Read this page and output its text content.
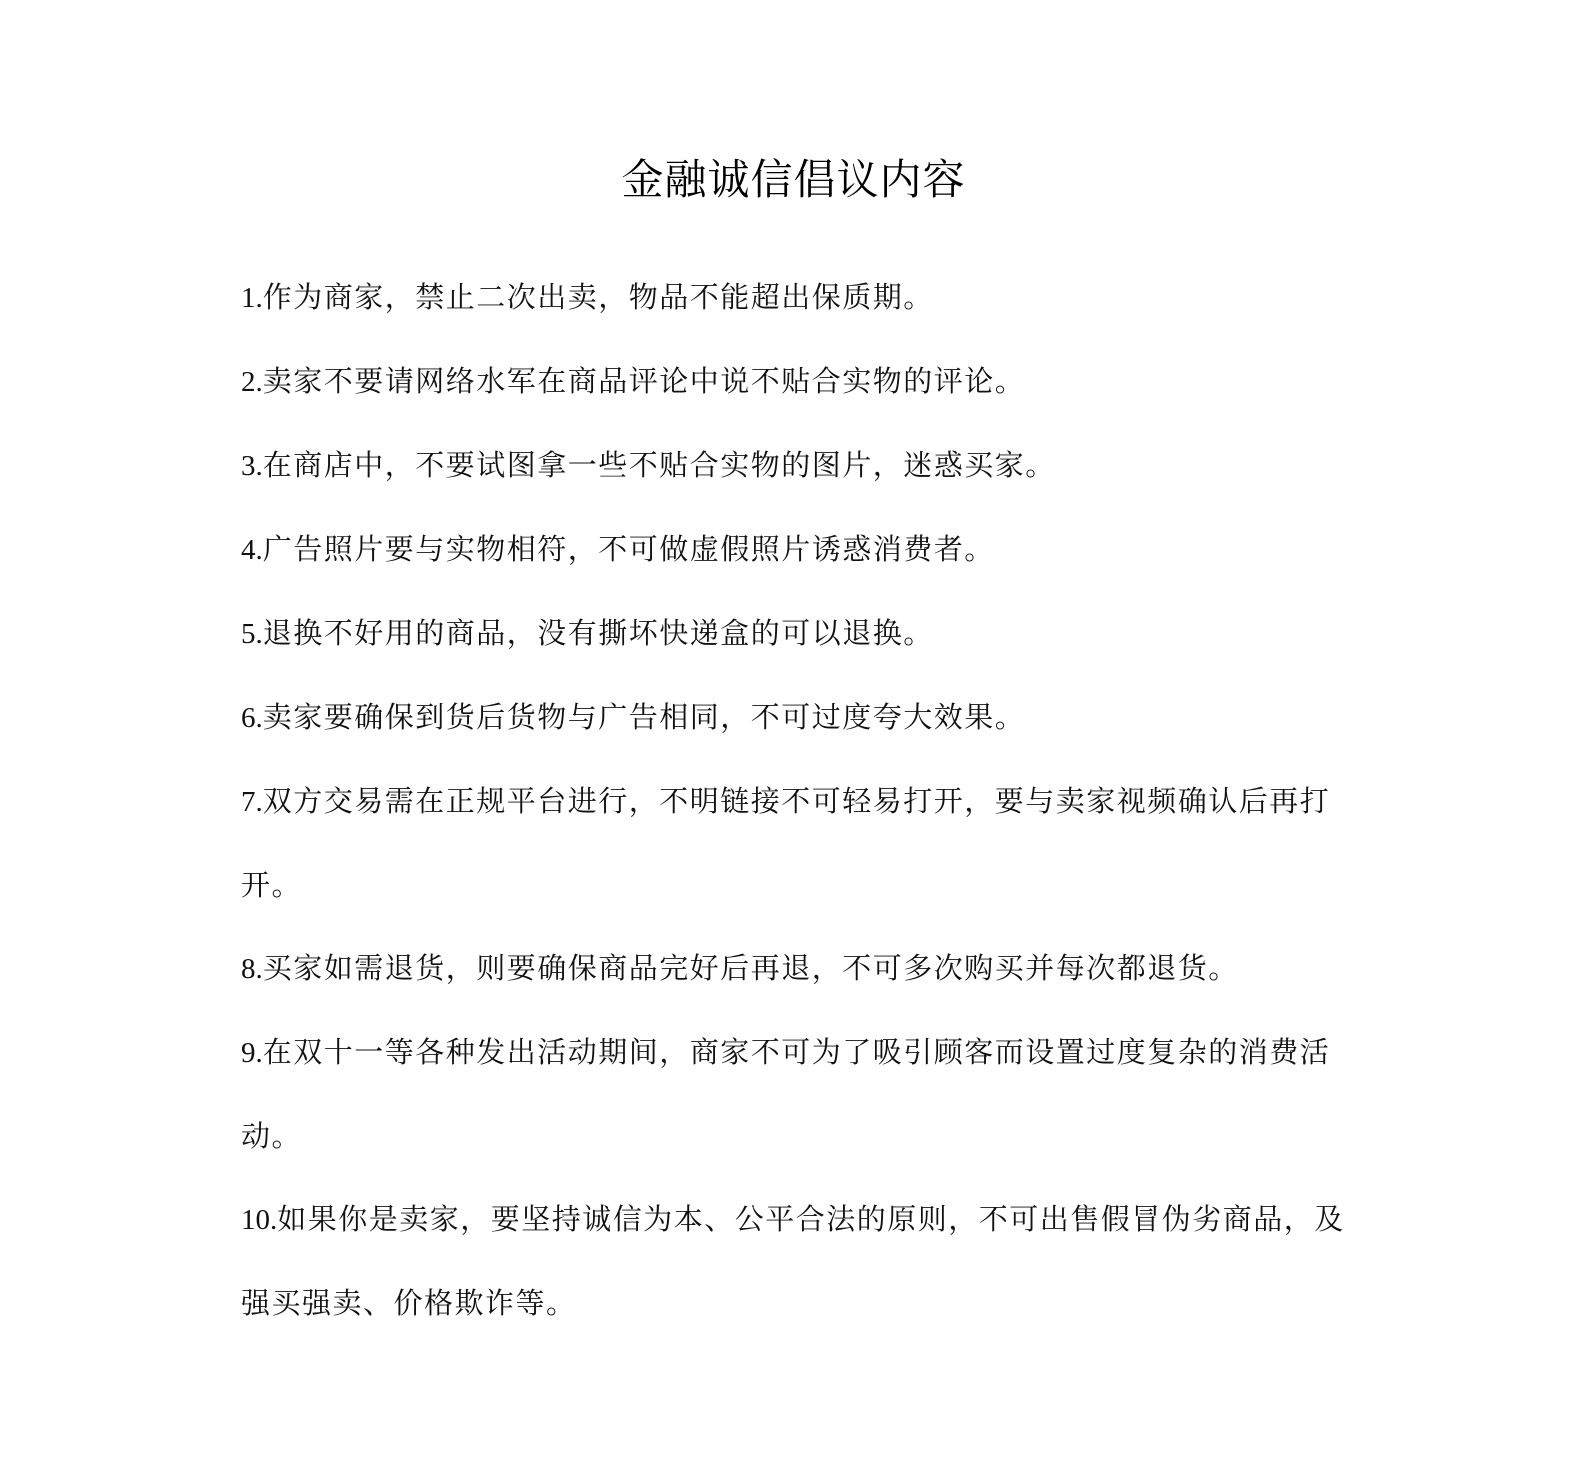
金融诚信倡议内容
1.作为商家，禁止二次出卖，物品不能超出保质期。
2.卖家不要请网络水军在商品评论中说不贴合实物的评论。
3.在商店中，不要试图拿一些不贴合实物的图片，迷惑买家。
4.广告照片要与实物相符，不可做虚假照片诱惑消费者。
5.退换不好用的商品，没有撕坏快递盒的可以退换。
6.卖家要确保到货后货物与广告相同，不可过度夸大效果。
7.双方交易需在正规平台进行，不明链接不可轻易打开，要与卖家视频确认后再打开。
8.买家如需退货，则要确保商品完好后再退，不可多次购买并每次都退货。
9.在双十一等各种发出活动期间，商家不可为了吸引顾客而设置过度复杂的消费活动。
10.如果你是卖家，要坚持诚信为本、公平合法的原则，不可出售假冒伪劣商品，及强买强卖、价格欺诈等。
